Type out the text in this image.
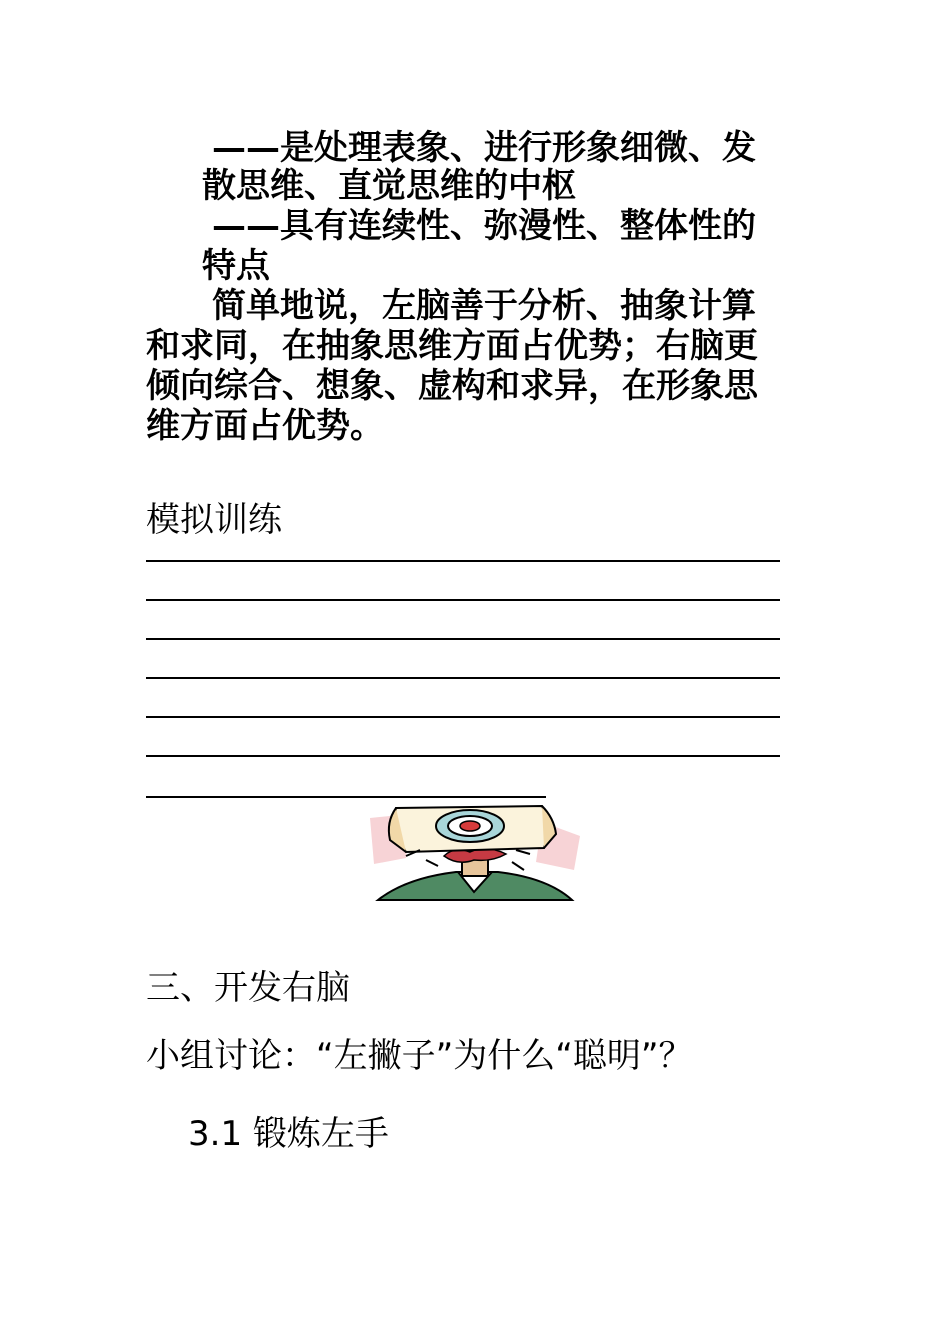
——是处理表象、进行形象细微、发
散思维、直觉思维的中枢
——具有连续性、弥漫性、整体性的
特点
简单地说，左脑善于分析、抽象计算
和求同，在抽象思维方面占优势；右脑更
倾向综合、想象、虚构和求异，在形象思
维方面占优势。
模拟训练
三、开发右脑
小组讨论：“左撇子”为什么“聪明”？
3.1 锻炼左手
